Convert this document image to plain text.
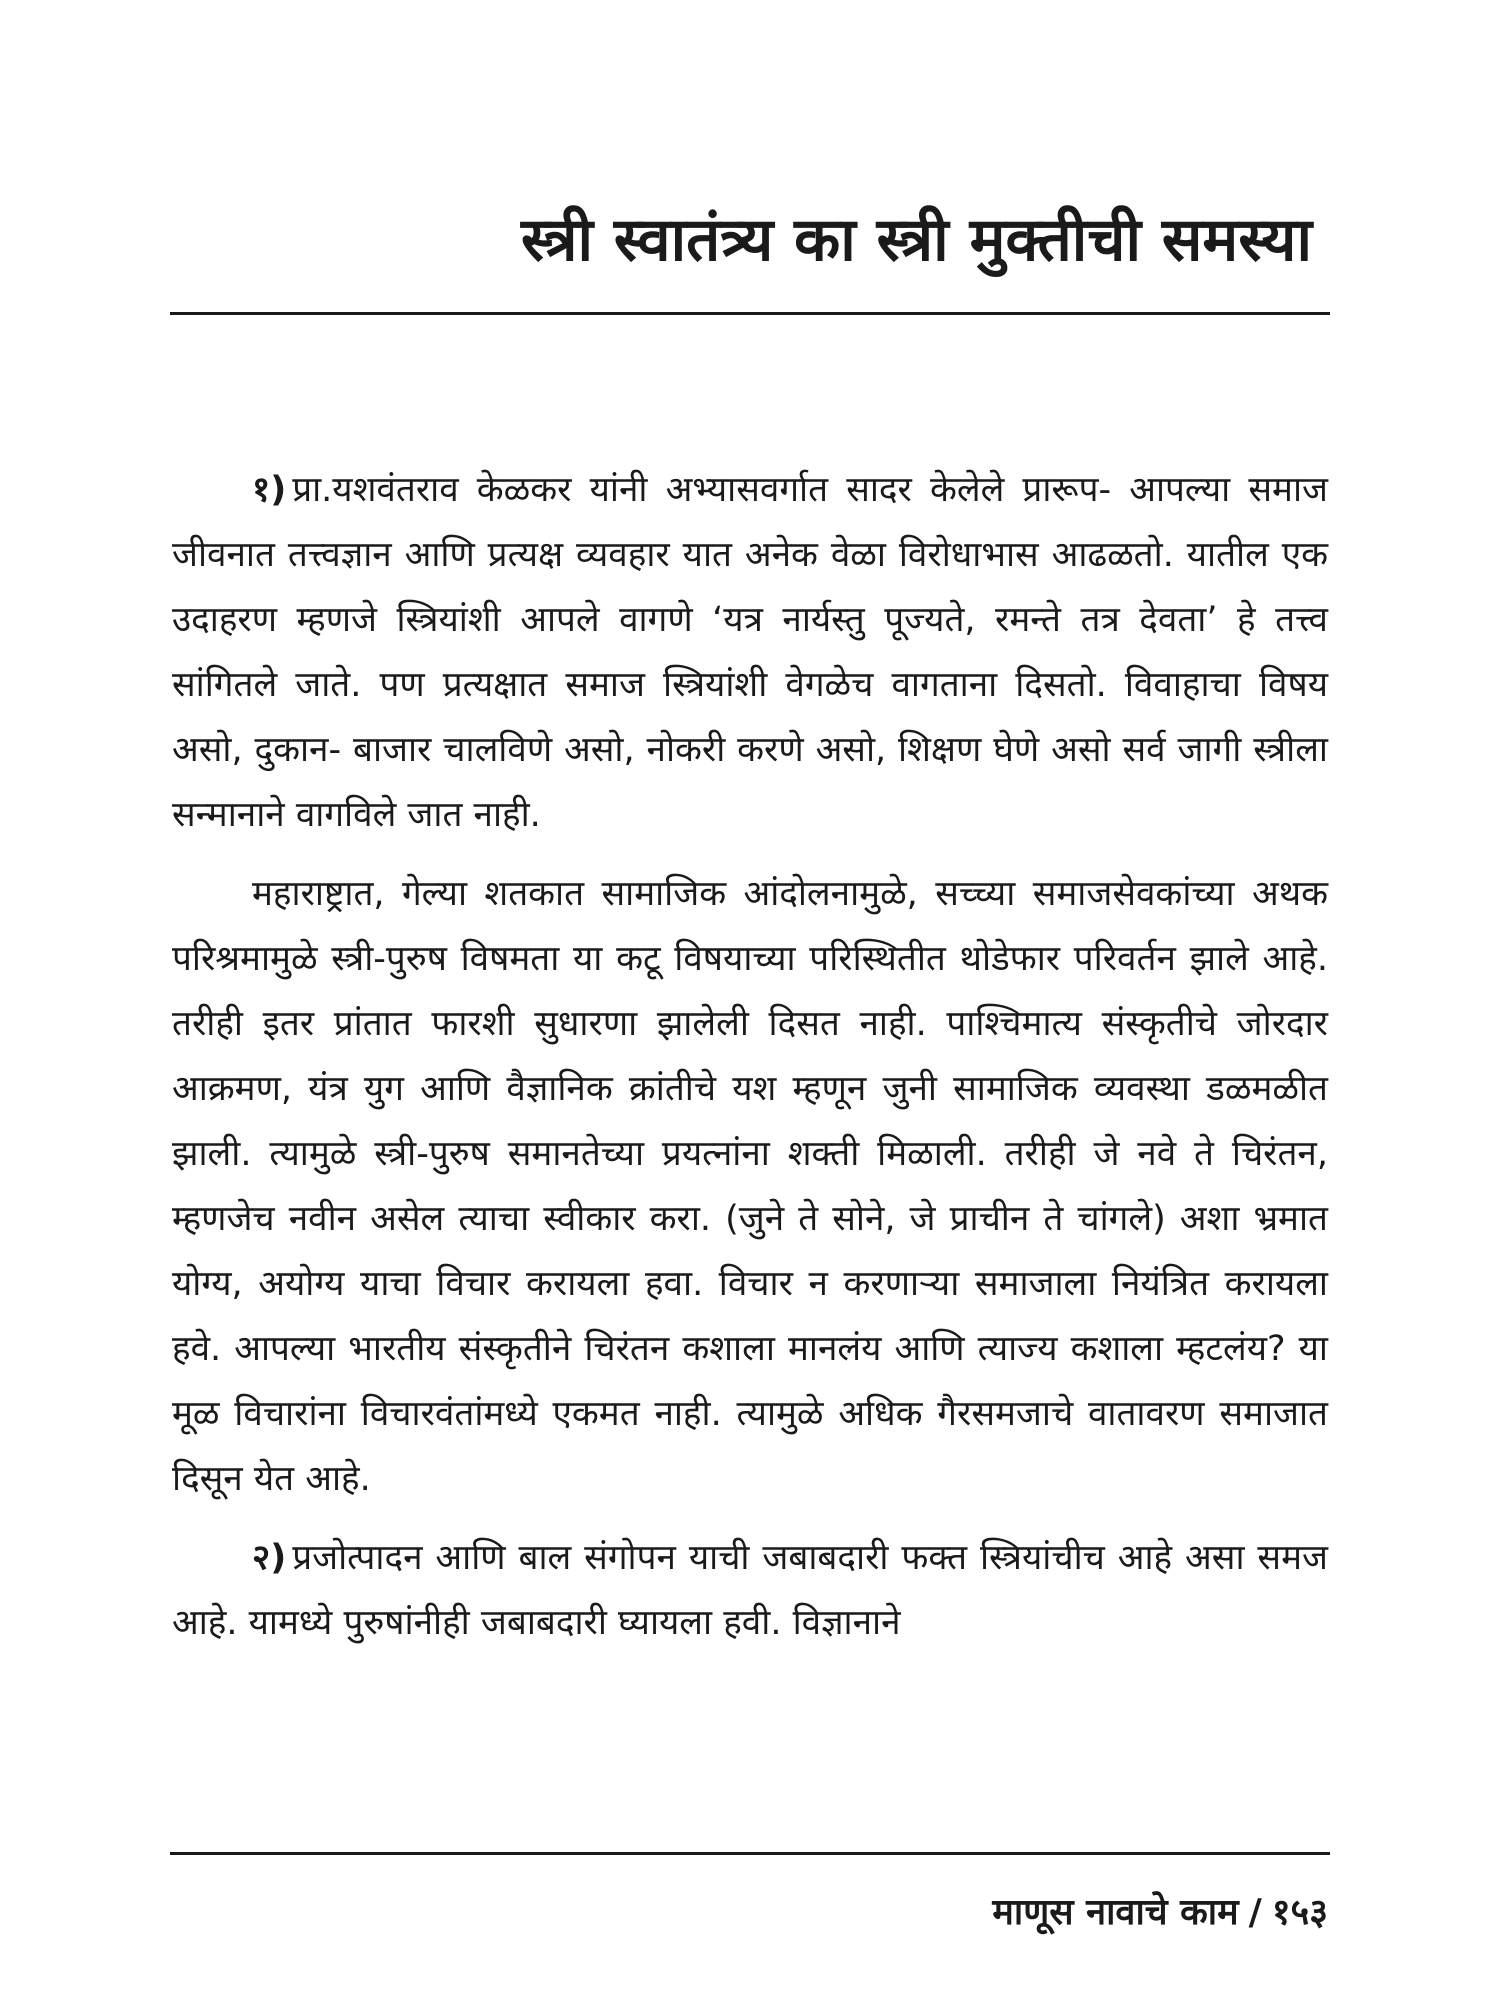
स्त्री स्वातंत्र्य का स्त्री मुक्तीची समस्या

१) प्रा.यशवंतराव केळकर यांनी अभ्यासवर्गात सादर केलेले प्रारूप- आपल्या समाज जीवनात तत्त्वज्ञान आणि प्रत्यक्ष व्यवहार यात अनेक वेळा विरोधाभास आढळतो. यातील एक उदाहरण म्हणजे स्त्रियांशी आपले वागणे ‘यत्र नार्यस्तु पूज्यते, रमन्ते तत्र देवता’ हे तत्त्व सांगितले जाते. पण प्रत्यक्षात समाज स्त्रियांशी वेगळेच वागताना दिसतो. विवाहाचा विषय असो, दुकान- बाजार चालविणे असो, नोकरी करणे असो, शिक्षण घेणे असो सर्व जागी स्त्रीला सन्मानाने वागविले जात नाही.

महाराष्ट्रात, गेल्या शतकात सामाजिक आंदोलनामुळे, सच्च्या समाजसेवकांच्या अथक परिश्रमामुळे स्त्री-पुरुष विषमता या कटू विषयाच्या परिस्थितीत थोडेफार परिवर्तन झाले आहे. तरीही इतर प्रांतात फारशी सुधारणा झालेली दिसत नाही. पाश्चिमात्य संस्कृतीचे जोरदार आक्रमण, यंत्र युग आणि वैज्ञानिक क्रांतीचे यश म्हणून जुनी सामाजिक व्यवस्था डळमळीत झाली. त्यामुळे स्त्री-पुरुष समानतेच्या प्रयत्नांना शक्ती मिळाली. तरीही जे नवे ते चिरंतन, म्हणजेच नवीन असेल त्याचा स्वीकार करा. (जुने ते सोने, जे प्राचीन ते चांगले) अशा भ्रमात योग्य, अयोग्य याचा विचार करायला हवा. विचार न करणाऱ्या समाजाला नियंत्रित करायला हवे. आपल्या भारतीय संस्कृतीने चिरंतन कशाला मानलंय आणि त्याज्य कशाला म्हटलंय? या मूळ विचारांना विचारवंतांमध्ये एकमत नाही. त्यामुळे अधिक गैरसमजाचे वातावरण समाजात दिसून येत आहे.

२) प्रजोत्पादन आणि बाल संगोपन याची जबाबदारी फक्त स्त्रियांचीच आहे असा समज आहे. यामध्ये पुरुषांनीही जबाबदारी घ्यायला हवी. विज्ञानाने

माणूस नावाचे काम / १५३
